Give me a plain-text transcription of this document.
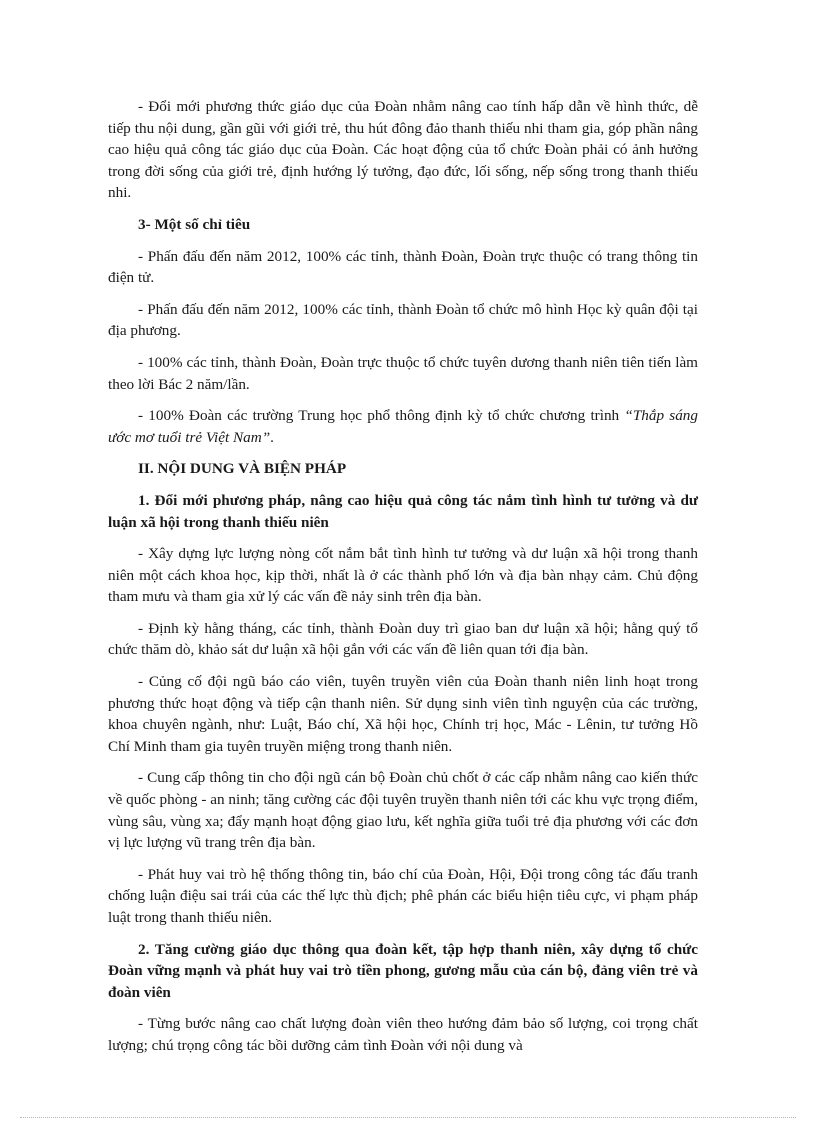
- Đổi mới phương thức giáo dục của Đoàn nhằm nâng cao tính hấp dẫn về hình thức, dễ tiếp thu nội dung, gần gũi với giới trẻ, thu hút đông đảo thanh thiếu nhi tham gia, góp phần nâng cao hiệu quả công tác giáo dục của Đoàn. Các hoạt động của tổ chức Đoàn phải có ảnh hưởng trong đời sống của giới trẻ, định hướng lý tưởng, đạo đức, lối sống, nếp sống trong thanh thiếu nhi.

3- Một số chỉ tiêu

- Phấn đấu đến năm 2012, 100% các tỉnh, thành Đoàn, Đoàn trực thuộc có trang thông tin điện tử.

- Phấn đấu đến năm 2012, 100% các tỉnh, thành Đoàn tổ chức mô hình Học kỳ quân đội tại địa phương.

- 100% các tỉnh, thành Đoàn, Đoàn trực thuộc tổ chức tuyên dương thanh niên tiên tiến làm theo lời Bác 2 năm/lần.

- 100% Đoàn các trường Trung học phổ thông định kỳ tổ chức chương trình “Thắp sáng ước mơ tuổi trẻ Việt Nam”.

II. NỘI DUNG VÀ BIỆN PHÁP

1. Đổi mới phương pháp, nâng cao hiệu quả công tác nắm tình hình tư tưởng và dư luận xã hội trong thanh thiếu niên

- Xây dựng lực lượng nòng cốt nắm bắt tình hình tư tưởng và dư luận xã hội trong thanh niên một cách khoa học, kịp thời, nhất là ở các thành phố lớn và địa bàn nhạy cảm. Chủ động tham mưu và tham gia xử lý các vấn đề nảy sinh trên địa bàn.

- Định kỳ hằng tháng, các tỉnh, thành Đoàn duy trì giao ban dư luận xã hội; hằng quý tổ chức thăm dò, khảo sát dư luận xã hội gắn với các vấn đề liên quan tới địa bàn.

- Củng cố đội ngũ báo cáo viên, tuyên truyền viên của Đoàn thanh niên linh hoạt trong phương thức hoạt động và tiếp cận thanh niên. Sử dụng sinh viên tình nguyện của các trường, khoa chuyên ngành, như: Luật, Báo chí, Xã hội học, Chính trị học, Mác - Lênin, tư tưởng Hồ Chí Minh tham gia tuyên truyền miệng trong thanh niên.

- Cung cấp thông tin cho đội ngũ cán bộ Đoàn chủ chốt ở các cấp nhằm nâng cao kiến thức về quốc phòng - an ninh; tăng cường các đội tuyên truyền thanh niên tới các khu vực trọng điểm, vùng sâu, vùng xa; đẩy mạnh hoạt động giao lưu, kết nghĩa giữa tuổi trẻ địa phương với các đơn vị lực lượng vũ trang trên địa bàn.

- Phát huy vai trò hệ thống thông tin, báo chí của Đoàn, Hội, Đội trong công tác đấu tranh chống luận điệu sai trái của các thế lực thù địch; phê phán các biểu hiện tiêu cực, vi phạm pháp luật trong thanh thiếu niên.

2. Tăng cường giáo dục thông qua đoàn kết, tập hợp thanh niên, xây dựng tổ chức Đoàn vững mạnh và phát huy vai trò tiền phong, gương mẫu của cán bộ, đảng viên trẻ và đoàn viên

- Từng bước nâng cao chất lượng đoàn viên theo hướng đảm bảo số lượng, coi trọng chất lượng; chú trọng công tác bồi dưỡng cảm tình Đoàn với nội dung và
